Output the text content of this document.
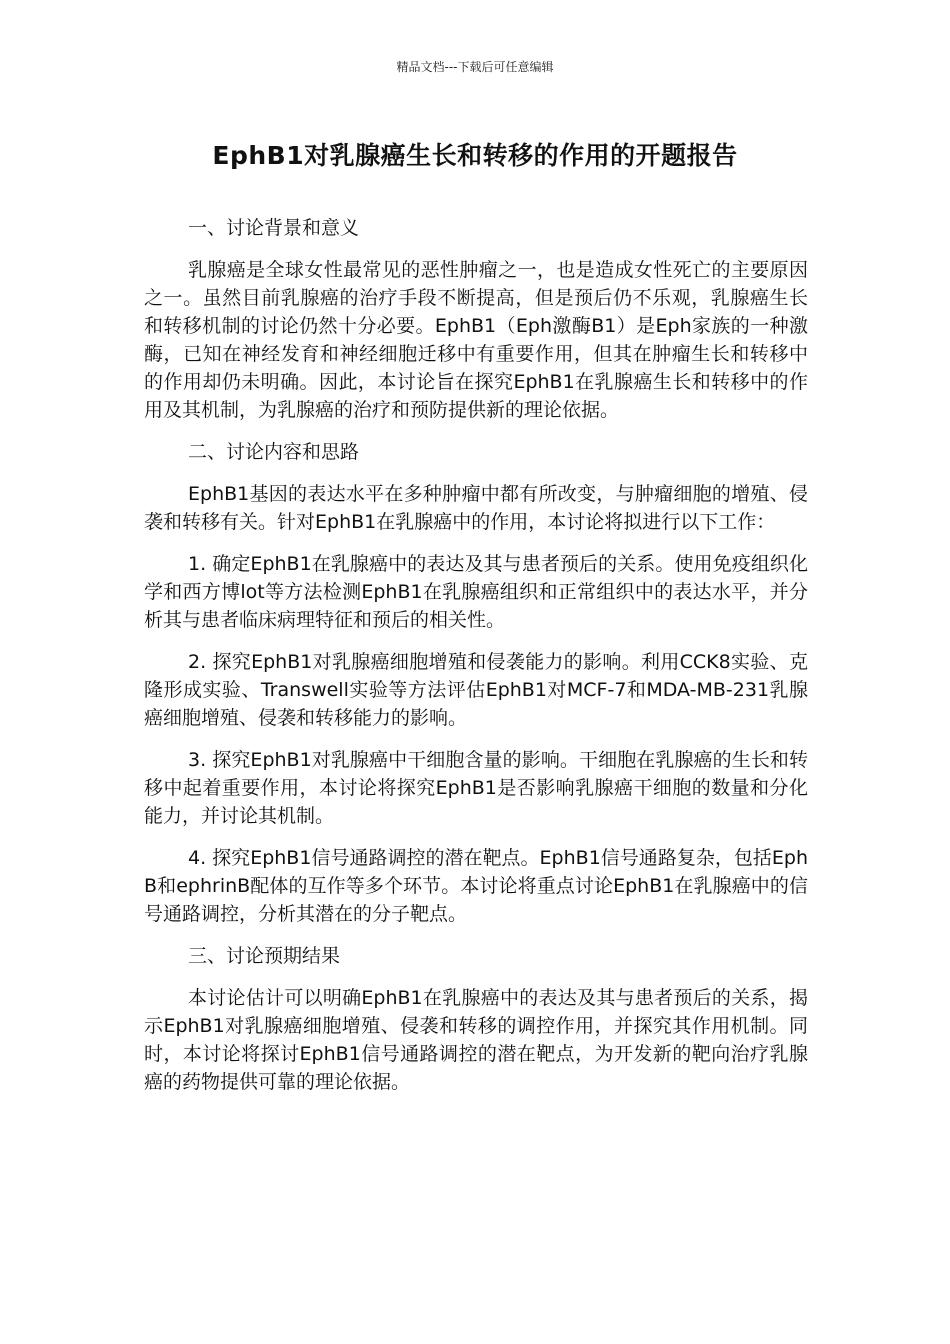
精品文档---下载后可任意编辑
EphB1对乳腺癌生长和转移的作用的开题报告
一、讨论背景和意义
乳腺癌是全球女性最常见的恶性肿瘤之一，也是造成女性死亡的主要原因之一。虽然目前乳腺癌的治疗手段不断提高，但是预后仍不乐观，乳腺癌生长和转移机制的讨论仍然十分必要。EphB1（Eph激酶B1）是Eph家族的一种激酶，已知在神经发育和神经细胞迁移中有重要作用，但其在肿瘤生长和转移中的作用却仍未明确。因此，本讨论旨在探究EphB1在乳腺癌生长和转移中的作用及其机制，为乳腺癌的治疗和预防提供新的理论依据。
二、讨论内容和思路
EphB1基因的表达水平在多种肿瘤中都有所改变，与肿瘤细胞的增殖、侵袭和转移有关。针对EphB1在乳腺癌中的作用，本讨论将拟进行以下工作：
1. 确定EphB1在乳腺癌中的表达及其与患者预后的关系。使用免疫组织化学和西方博lot等方法检测EphB1在乳腺癌组织和正常组织中的表达水平，并分析其与患者临床病理特征和预后的相关性。
2. 探究EphB1对乳腺癌细胞增殖和侵袭能力的影响。利用CCK8实验、克隆形成实验、Transwell实验等方法评估EphB1对MCF-7和MDA-MB-231乳腺癌细胞增殖、侵袭和转移能力的影响。
3. 探究EphB1对乳腺癌中干细胞含量的影响。干细胞在乳腺癌的生长和转移中起着重要作用，本讨论将探究EphB1是否影响乳腺癌干细胞的数量和分化能力，并讨论其机制。
4. 探究EphB1信号通路调控的潜在靶点。EphB1信号通路复杂，包括EphB和ephrinB配体的互作等多个环节。本讨论将重点讨论EphB1在乳腺癌中的信号通路调控，分析其潜在的分子靶点。
三、讨论预期结果
本讨论估计可以明确EphB1在乳腺癌中的表达及其与患者预后的关系，揭示EphB1对乳腺癌细胞增殖、侵袭和转移的调控作用，并探究其作用机制。同时，本讨论将探讨EphB1信号通路调控的潜在靶点，为开发新的靶向治疗乳腺癌的药物提供可靠的理论依据。
